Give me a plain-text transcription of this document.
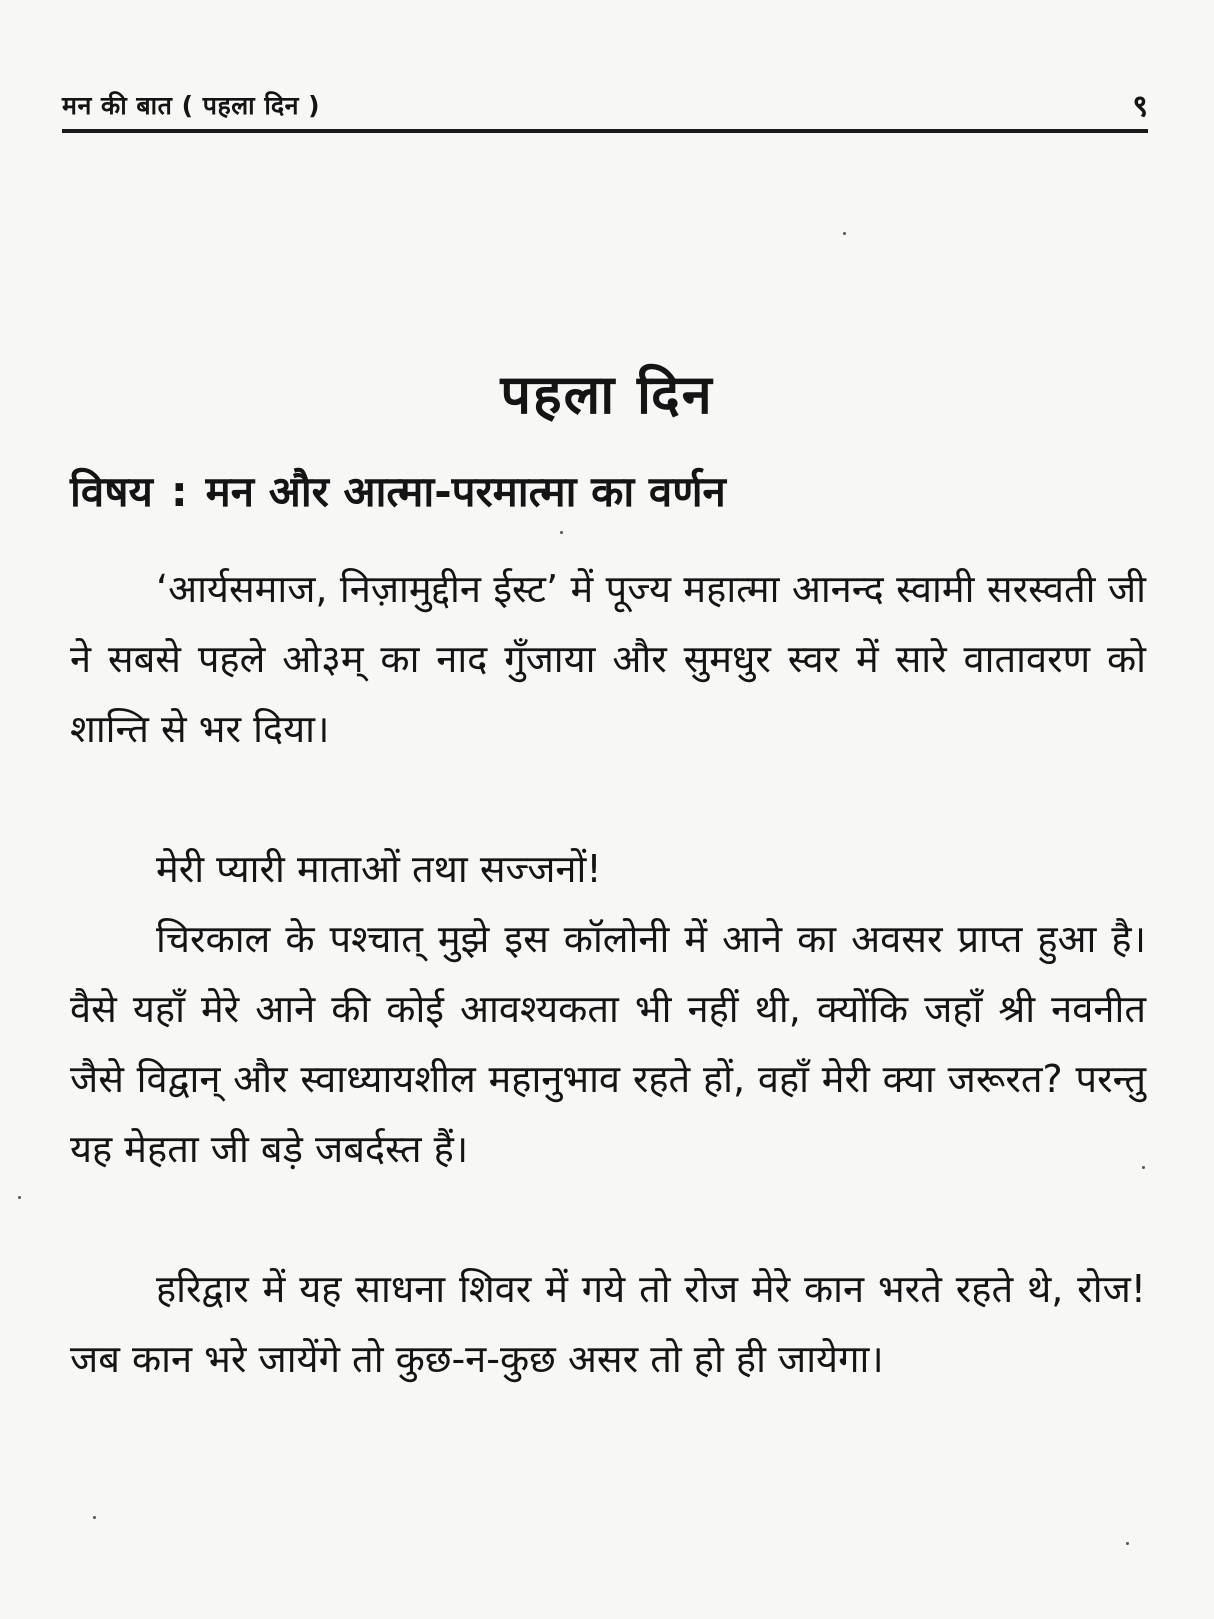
मन की बात ( पहला दिन )	९
पहला दिन
विषय : मन और आत्मा-परमात्मा का वर्णन

‘आर्यसमाज, निज़ामुद्दीन ईस्ट’ में पूज्य महात्मा आनन्द स्वामी सरस्वती जी ने सबसे पहले ओ३म् का नाद गुँजाया और सुमधुर स्वर में सारे वातावरण को शान्ति से भर दिया।

मेरी प्यारी माताओं तथा सज्जनों!

चिरकाल के पश्चात् मुझे इस कॉलोनी में आने का अवसर प्राप्त हुआ है। वैसे यहाँ मेरे आने की कोई आवश्यकता भी नहीं थी, क्योंकि जहाँ श्री नवनीत जैसे विद्वान् और स्वाध्यायशील महानुभाव रहते हों, वहाँ मेरी क्या जरूरत? परन्तु यह मेहता जी बड़े जबर्दस्त हैं।

हरिद्वार में यह साधना शिवर में गये तो रोज मेरे कान भरते रहते थे, रोज! जब कान भरे जायेंगे तो कुछ-न-कुछ असर तो हो ही जायेगा।
